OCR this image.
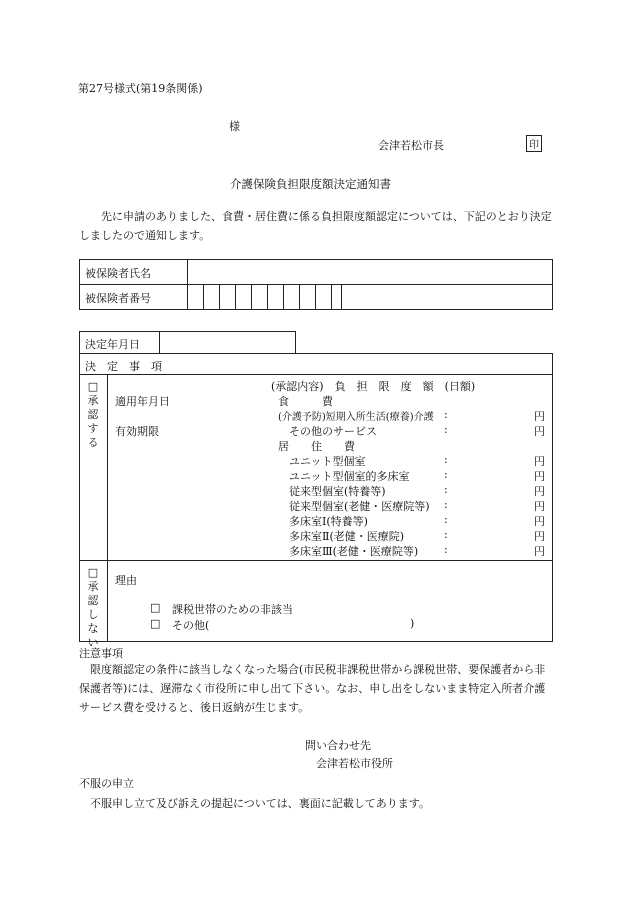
第27号様式(第19条関係)
様
会津若松市長	印
介護保険負担限度額決定通知書
先に申請のありました、食費・居住費に係る負担限度額認定については、下記のとおり決定しましたので通知します。
被保険者氏名
被保険者番号
決定年月日
決　定　事　項
□承認する
適用年月日
有効期限
(承認内容)　負　担　限　度　額　(日額)
食　　　費
(介護予防)短期入所生活(療養)介護 :	円
その他のサービス	:	円
居　　住　　費
ユニット型個室	:	円
ユニット型個室的多床室	:	円
従来型個室(特養等)	:	円
従来型個室(老健・医療院等) :	円
多床室Ⅰ(特養等)	:	円
多床室Ⅱ(老健・医療院)	:	円
多床室Ⅲ(老健・医療院等) :	円
□承認しない
理由
□ 課税世帯のための非該当
□ その他(	)
注意事項
限度額認定の条件に該当しなくなった場合(市民税非課税世帯から課税世帯、要保護者から非保護者等)には、遅滞なく市役所に申し出て下さい。なお、申し出をしないまま特定入所者介護サービス費を受けると、後日返納が生じます。
問い合わせ先
会津若松市役所
不服の申立
不服申し立て及び訴えの提起については、裏面に記載してあります。
